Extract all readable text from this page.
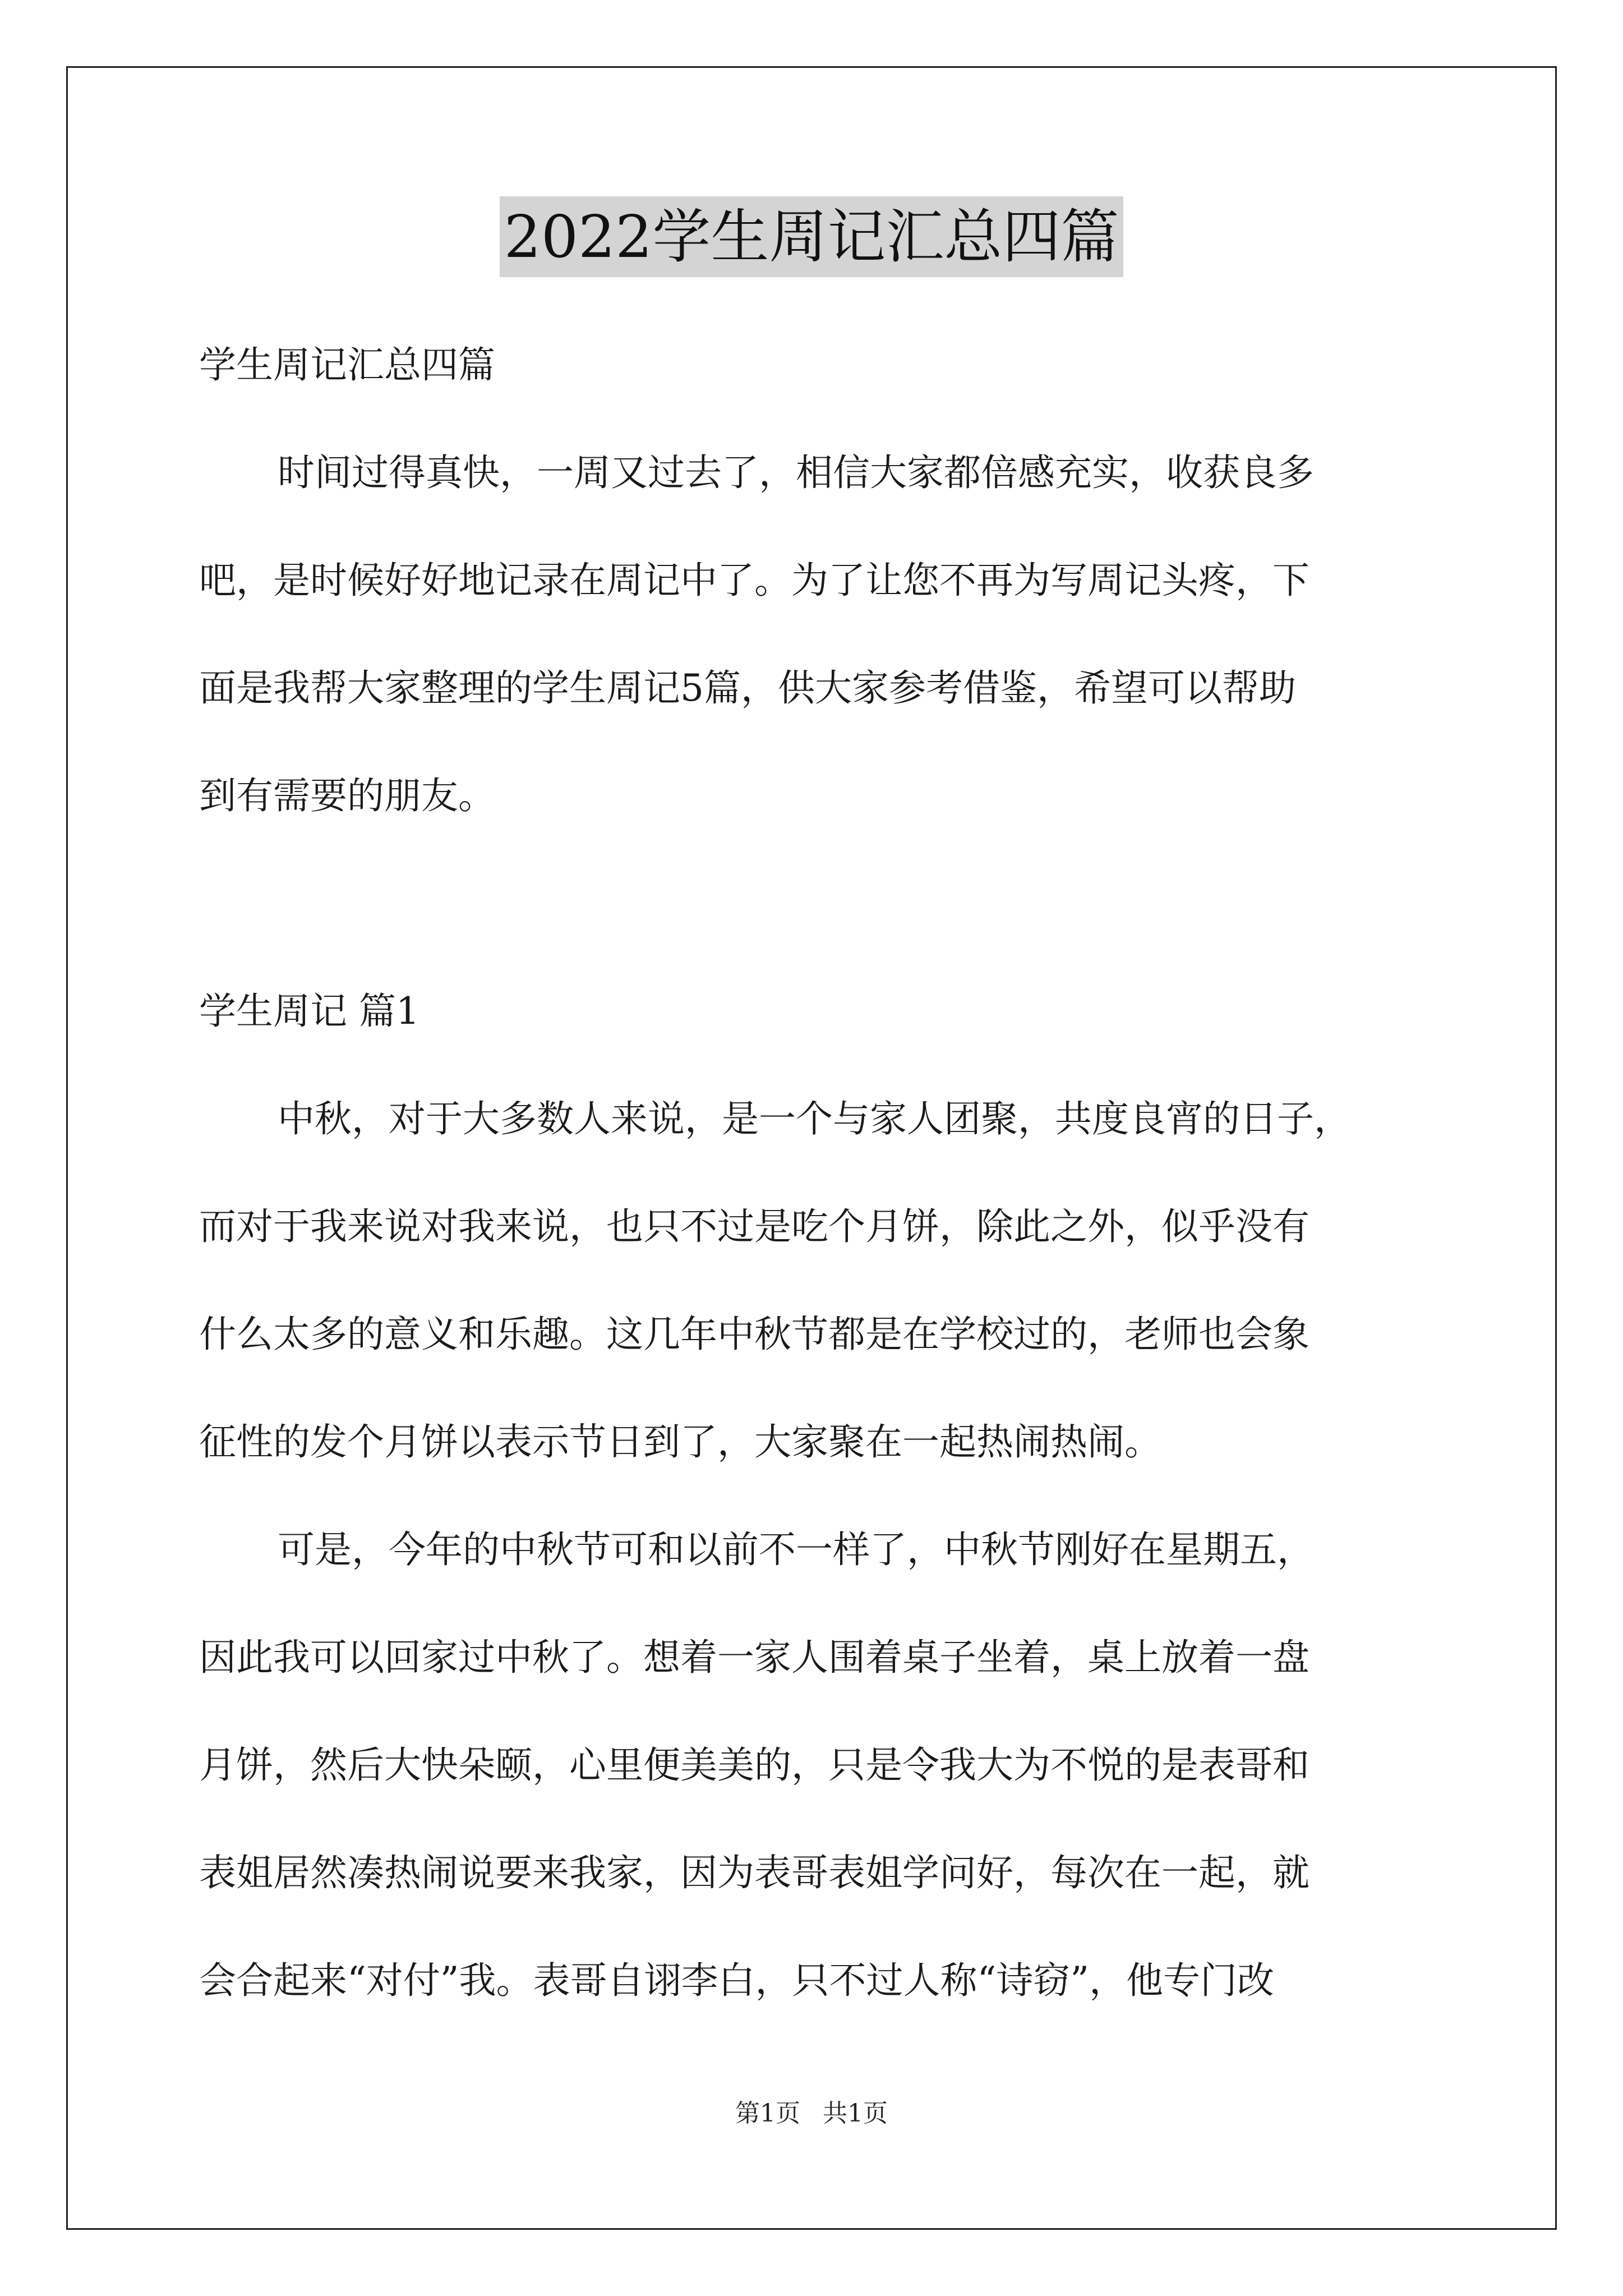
2022学生周记汇总四篇
学生周记汇总四篇
时间过得真快，一周又过去了，相信大家都倍感充实，收获良多
吧，是时候好好地记录在周记中了。为了让您不再为写周记头疼，下
面是我帮大家整理的学生周记5篇，供大家参考借鉴，希望可以帮助
到有需要的朋友。
学生周记 篇1
中秋，对于大多数人来说，是一个与家人团聚，共度良宵的日子，
而对于我来说对我来说，也只不过是吃个月饼，除此之外，似乎没有
什么太多的意义和乐趣。这几年中秋节都是在学校过的，老师也会象
征性的发个月饼以表示节日到了，大家聚在一起热闹热闹。
可是，今年的中秋节可和以前不一样了，中秋节刚好在星期五，
因此我可以回家过中秋了。想着一家人围着桌子坐着，桌上放着一盘
月饼，然后大快朵颐，心里便美美的，只是令我大为不悦的是表哥和
表姐居然凑热闹说要来我家，因为表哥表姐学问好，每次在一起，就
会合起来“对付”我。表哥自诩李白，只不过人称“诗窃”，他专门改
第1页 共1页
